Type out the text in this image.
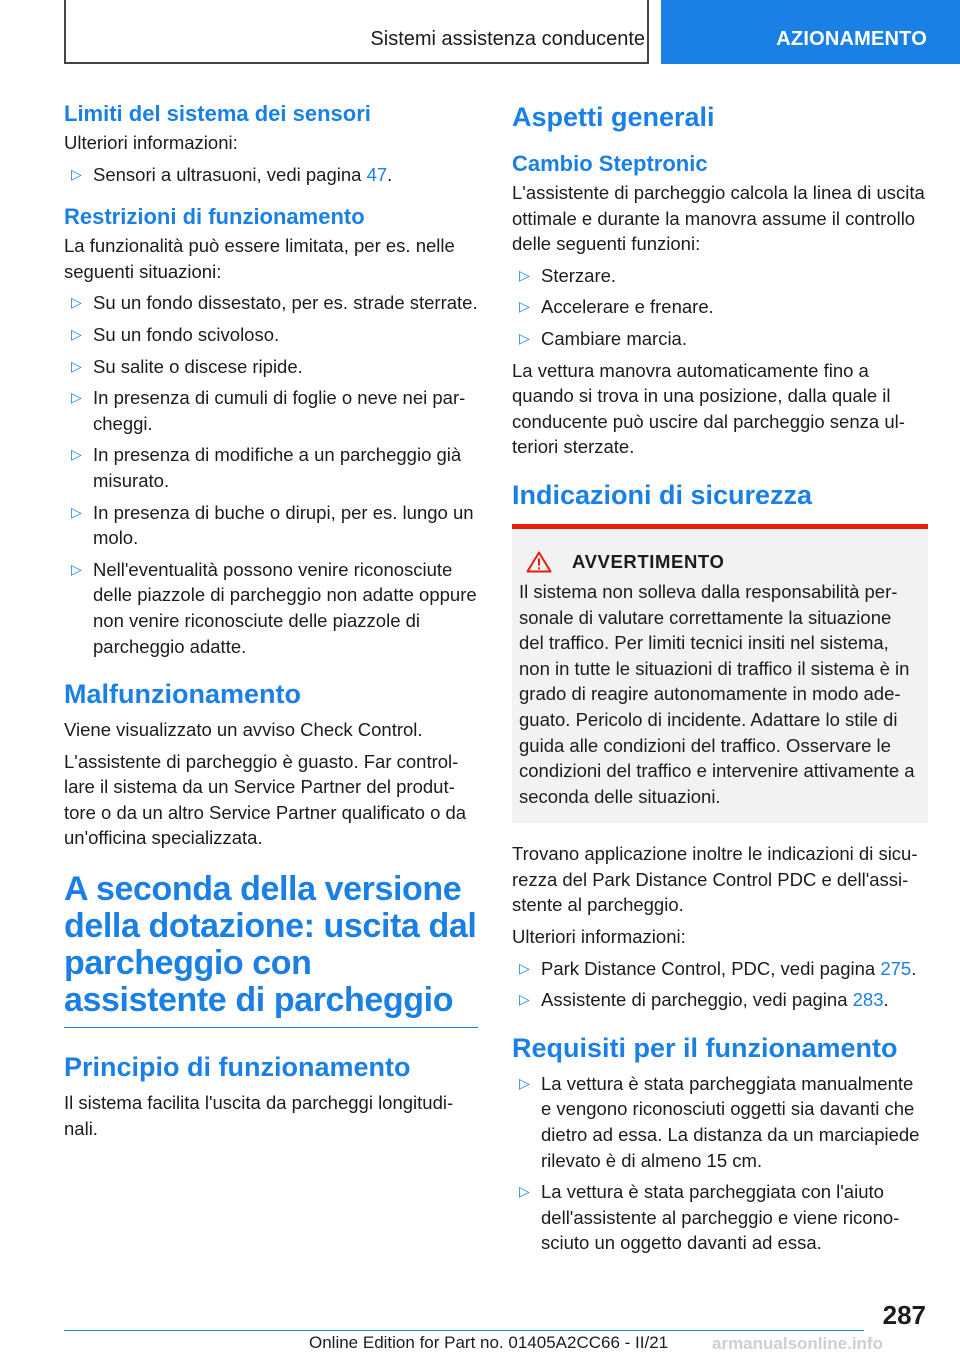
Sistemi assistenza conducente	AZIONAMENTO
Limiti del sistema dei sensori

Ulteriori informazioni:

▷ Sensori a ultrasuoni, vedi pagina 47.
Restrizioni di funzionamento

La funzionalità può essere limitata, per es. nelle seguenti situazioni:

▷ Su un fondo dissestato, per es. strade sterrate.
▷ Su un fondo scivoloso.
▷ Su salite o discese ripide.
▷ In presenza di cumuli di foglie o neve nei parcheggi.
▷ In presenza di modifiche a un parcheggio già misurato.
▷ In presenza di buche o dirupi, per es. lungo un molo.
▷ Nell'eventualità possono venire riconosciute delle piazzole di parcheggio non adatte oppure non venire riconosciute delle piazzole di parcheggio adatte.
Malfunzionamento

Viene visualizzato un avviso Check Control.

L'assistente di parcheggio è guasto. Far controllare il sistema da un Service Partner del produttore o da un altro Service Partner qualificato o da un'officina specializzata.

A seconda della versione della dotazione: uscita dal parcheggio con assistente di parcheggio
Principio di funzionamento

Il sistema facilita l'uscita da parcheggi longitudinali.

Aspetti generali
Cambio Steptronic

L'assistente di parcheggio calcola la linea di uscita ottimale e durante la manovra assume il controllo delle seguenti funzioni:

▷ Sterzare.
▷ Accelerare e frenare.
▷ Cambiare marcia.

La vettura manovra automaticamente fino a quando si trova in una posizione, dalla quale il conducente può uscire dal parcheggio senza ulteriori sterzate.

Indicazioni di sicurezza
AVVERTIMENTO

Il sistema non solleva dalla responsabilità personale di valutare correttamente la situazione del traffico. Per limiti tecnici insiti nel sistema, non in tutte le situazioni di traffico il sistema è in grado di reagire autonomamente in modo adeguato. Pericolo di incidente. Adattare lo stile di guida alle condizioni del traffico. Osservare le condizioni del traffico e intervenire attivamente a seconda delle situazioni.

Trovano applicazione inoltre le indicazioni di sicurezza del Park Distance Control PDC e dell'assistente al parcheggio.

Ulteriori informazioni:

▷ Park Distance Control, PDC, vedi pagina 275.
▷ Assistente di parcheggio, vedi pagina 283.
Requisiti per il funzionamento
▷ La vettura è stata parcheggiata manualmente e vengono riconosciuti oggetti sia davanti che dietro ad essa. La distanza da un marciapiede rilevato è di almeno 15 cm.
▷ La vettura è stata parcheggiata con l'aiuto dell'assistente al parcheggio e viene riconosciuto un oggetto davanti ad essa.
287
Online Edition for Part no. 01405A2CC66 - II/21	armanualsonline.info
